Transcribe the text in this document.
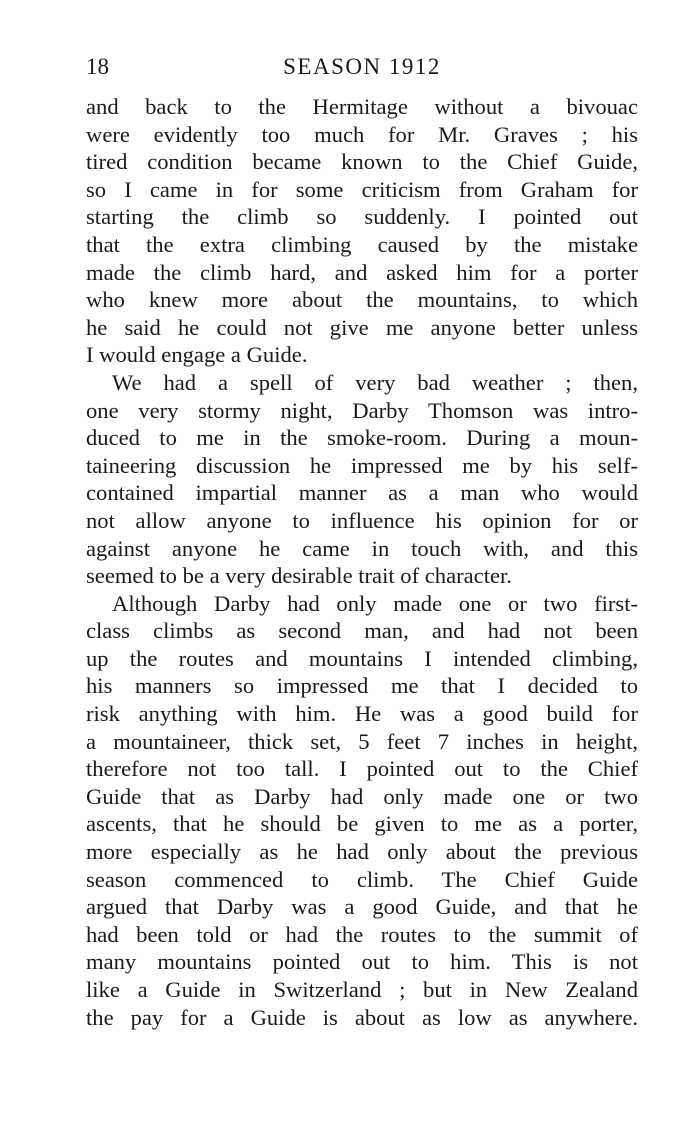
18	SEASON 1912
and back to the Hermitage without a bivouac
were evidently too much for Mr. Graves ; his
tired condition became known to the Chief Guide,
so I came in for some criticism from Graham for
starting the climb so suddenly. I pointed out
that the extra climbing caused by the mistake
made the climb hard, and asked him for a porter
who knew more about the mountains, to which
he said he could not give me anyone better unless
I would engage a Guide.
We had a spell of very bad weather ; then,
one very stormy night, Darby Thomson was intro-
duced to me in the smoke-room. During a moun-
taineering discussion he impressed me by his self-
contained impartial manner as a man who would
not allow anyone to influence his opinion for or
against anyone he came in touch with, and this
seemed to be a very desirable trait of character.
Although Darby had only made one or two first-
class climbs as second man, and had not been
up the routes and mountains I intended climbing,
his manners so impressed me that I decided to
risk anything with him. He was a good build for
a mountaineer, thick set, 5 feet 7 inches in height,
therefore not too tall. I pointed out to the Chief
Guide that as Darby had only made one or two
ascents, that he should be given to me as a porter,
more especially as he had only about the previous
season commenced to climb. The Chief Guide
argued that Darby was a good Guide, and that he
had been told or had the routes to the summit of
many mountains pointed out to him. This is not
like a Guide in Switzerland ; but in New Zealand
the pay for a Guide is about as low as anywhere.
